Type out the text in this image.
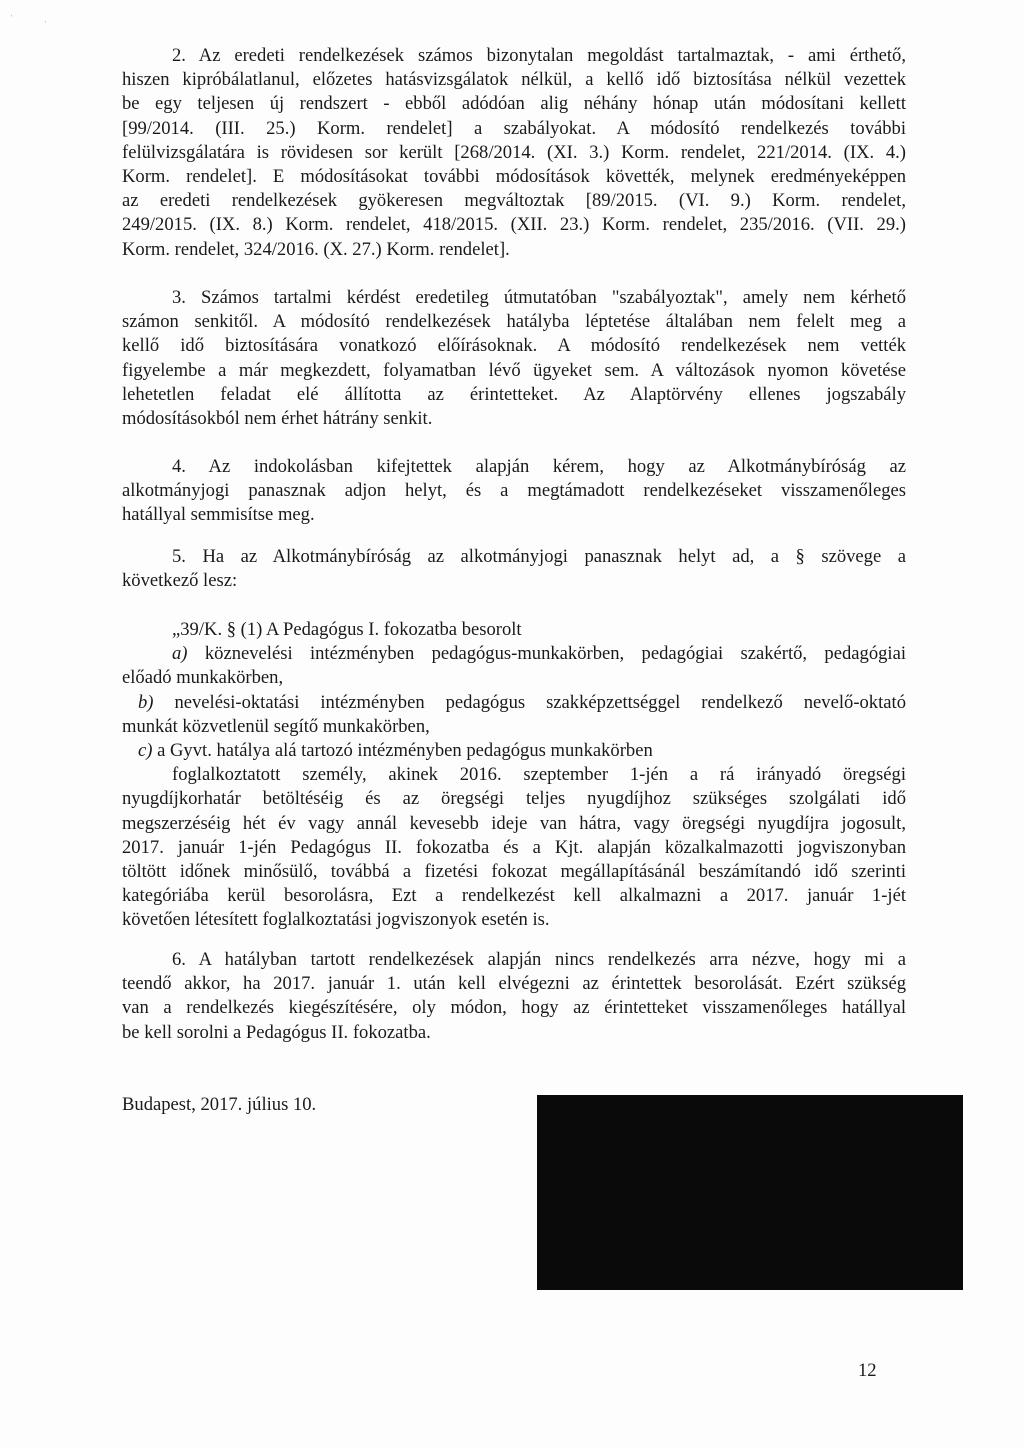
ˌ
ˌ
2. Az eredeti rendelkezések számos bizonytalan megoldást tartalmaztak, - ami érthető,
hiszen kipróbálatlanul, előzetes hatásvizsgálatok nélkül, a kellő idő biztosítása nélkül vezettek
be egy teljesen új rendszert - ebből adódóan alig néhány hónap után módosítani kellett
[99/2014. (III. 25.) Korm. rendelet] a szabályokat. A módosító rendelkezés további
felülvizsgálatára is rövidesen sor került [268/2014. (XI. 3.) Korm. rendelet, 221/2014. (IX. 4.)
Korm. rendelet]. E módosításokat további módosítások követték, melynek eredményeképpen
az eredeti rendelkezések gyökeresen megváltoztak [89/2015. (VI. 9.) Korm. rendelet,
249/2015. (IX. 8.) Korm. rendelet, 418/2015. (XII. 23.) Korm. rendelet, 235/2016. (VII. 29.)
Korm. rendelet, 324/2016. (X. 27.) Korm. rendelet].
3. Számos tartalmi kérdést eredetileg útmutatóban "szabályoztak", amely nem kérhető
számon senkitől. A módosító rendelkezések hatályba léptetése általában nem felelt meg a
kellő idő biztosítására vonatkozó előírásoknak. A módosító rendelkezések nem vették
figyelembe a már megkezdett, folyamatban lévő ügyeket sem. A változások nyomon követése
lehetetlen feladat elé állította az érintetteket. Az Alaptörvény ellenes jogszabály
módosításokból nem érhet hátrány senkit.
4. Az indokolásban kifejtettek alapján kérem, hogy az Alkotmánybíróság az
alkotmányjogi panasznak adjon helyt, és a megtámadott rendelkezéseket visszamenőleges
hatállyal semmisítse meg.
5. Ha az Alkotmánybíróság az alkotmányjogi panasznak helyt ad, a § szövege a
következő lesz:
„39/K. § (1) A Pedagógus I. fokozatba besorolt
a) köznevelési intézményben pedagógus-munkakörben, pedagógiai szakértő, pedagógiai
előadó munkakörben,
b) nevelési-oktatási intézményben pedagógus szakképzettséggel rendelkező nevelő-oktató
munkát közvetlenül segítő munkakörben,
c) a Gyvt. hatálya alá tartozó intézményben pedagógus munkakörben
foglalkoztatott személy, akinek 2016. szeptember 1-jén a rá irányadó öregségi
nyugdíjkorhatár betöltéséig és az öregségi teljes nyugdíjhoz szükséges szolgálati idő
megszerzéséig hét év vagy annál kevesebb ideje van hátra, vagy öregségi nyugdíjra jogosult,
2017. január 1-jén Pedagógus II. fokozatba és a Kjt. alapján közalkalmazotti jogviszonyban
töltött időnek minősülő, továbbá a fizetési fokozat megállapításánál beszámítandó idő szerinti
kategóriába kerül besorolásra, Ezt a rendelkezést kell alkalmazni a 2017. január 1-jét
követően létesített foglalkoztatási jogviszonyok esetén is.
6. A hatályban tartott rendelkezések alapján nincs rendelkezés arra nézve, hogy mi a
teendő akkor, ha 2017. január 1. után kell elvégezni az érintettek besorolását. Ezért szükség
van a rendelkezés kiegészítésére, oly módon, hogy az érintetteket visszamenőleges hatállyal
be kell sorolni a Pedagógus II. fokozatba.
Budapest, 2017. július 10.
12
